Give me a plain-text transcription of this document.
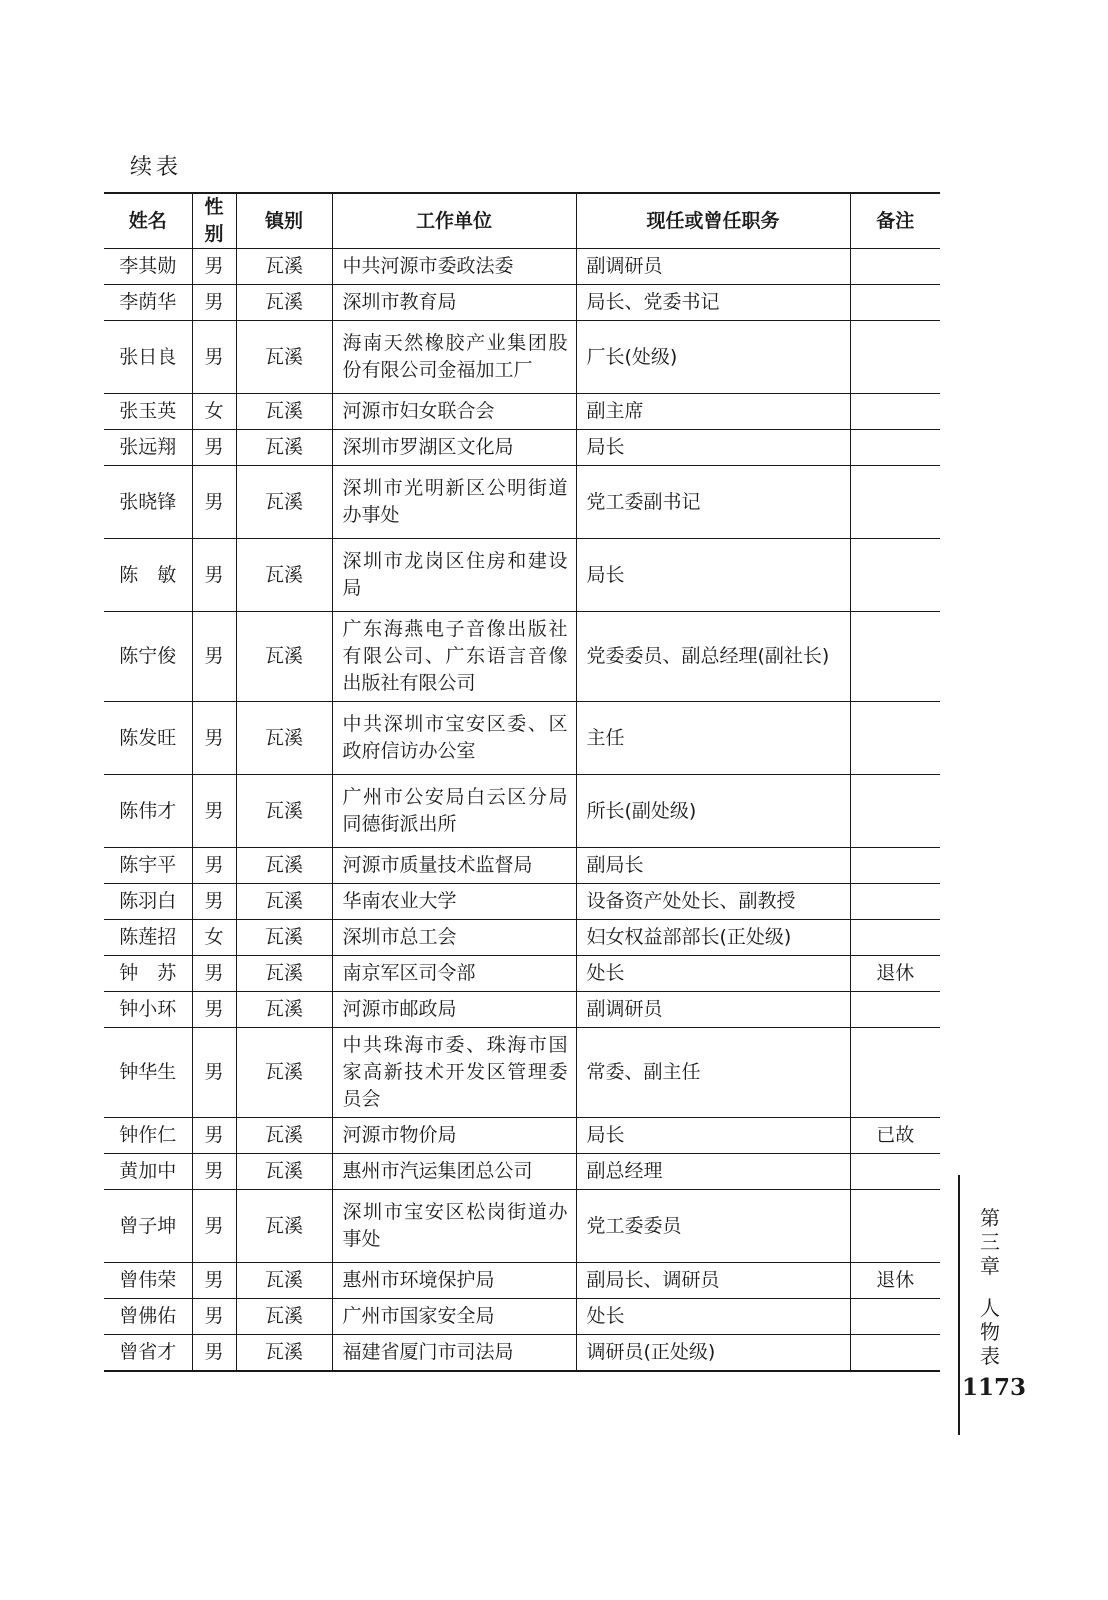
续表
姓名	性别	镇别	工作单位	现任或曾任职务	备注
李其勋	男	瓦溪	中共河源市委政法委	副调研员	
李荫华	男	瓦溪	深圳市教育局	局长、党委书记	
张日良	男	瓦溪	海南天然橡胶产业集团股份有限公司金福加工厂	厂长(处级)	
张玉英	女	瓦溪	河源市妇女联合会	副主席	
张远翔	男	瓦溪	深圳市罗湖区文化局	局长	
张晓锋	男	瓦溪	深圳市光明新区公明街道办事处	党工委副书记	
陈　敏	男	瓦溪	深圳市龙岗区住房和建设局	局长	
陈宁俊	男	瓦溪	广东海燕电子音像出版社有限公司、广东语言音像出版社有限公司	党委委员、副总经理(副社长)	
陈发旺	男	瓦溪	中共深圳市宝安区委、区政府信访办公室	主任	
陈伟才	男	瓦溪	广州市公安局白云区分局同德街派出所	所长(副处级)	
陈宇平	男	瓦溪	河源市质量技术监督局	副局长	
陈羽白	男	瓦溪	华南农业大学	设备资产处处长、副教授	
陈莲招	女	瓦溪	深圳市总工会	妇女权益部部长(正处级)	
钟　苏	男	瓦溪	南京军区司令部	处长	退休
钟小环	男	瓦溪	河源市邮政局	副调研员	
钟华生	男	瓦溪	中共珠海市委、珠海市国家高新技术开发区管理委员会	常委、副主任	
钟作仁	男	瓦溪	河源市物价局	局长	已故
黄加中	男	瓦溪	惠州市汽运集团总公司	副总经理	
曾子坤	男	瓦溪	深圳市宝安区松岗街道办事处	党工委委员	
曾伟荣	男	瓦溪	惠州市环境保护局	副局长、调研员	退休
曾佛佑	男	瓦溪	广州市国家安全局	处长	
曾省才	男	瓦溪	福建省厦门市司法局	调研员(正处级)	
第
三
章
人
物
表
1173
